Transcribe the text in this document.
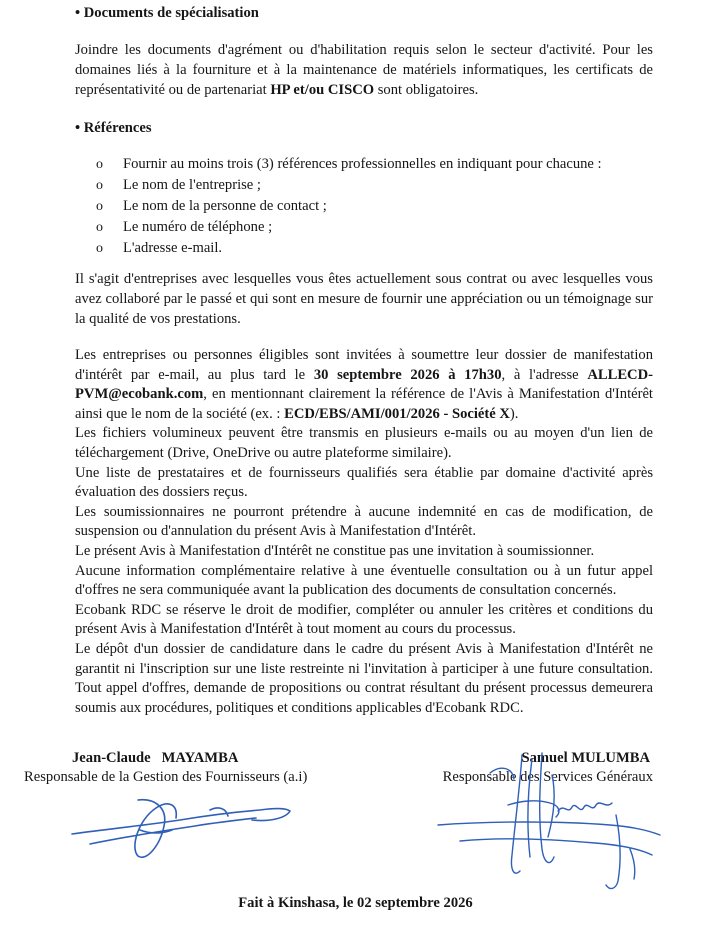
• Documents de spécialisation

Joindre les documents d'agrément ou d'habilitation requis selon le secteur d'activité. Pour les domaines liés à la fourniture et à la maintenance de matériels informatiques, les certificats de représentativité ou de partenariat HP et/ou CISCO sont obligatoires.

• Références
o Fournir au moins trois (3) références professionnelles en indiquant pour chacune :
o Le nom de l'entreprise ;
o Le nom de la personne de contact ;
o Le numéro de téléphone ;
o L'adresse e-mail.

Il s'agit d'entreprises avec lesquelles vous êtes actuellement sous contrat ou avec lesquelles vous avez collaboré par le passé et qui sont en mesure de fournir une appréciation ou un témoignage sur la qualité de vos prestations.

Les entreprises ou personnes éligibles sont invitées à soumettre leur dossier de manifestation d'intérêt par e-mail, au plus tard le 30 septembre 2026 à 17h30, à l'adresse ALLECD-PVM@ecobank.com, en mentionnant clairement la référence de l'Avis à Manifestation d'Intérêt ainsi que le nom de la société (ex. : ECD/EBS/AMI/001/2026 - Société X).
Les fichiers volumineux peuvent être transmis en plusieurs e-mails ou au moyen d'un lien de téléchargement (Drive, OneDrive ou autre plateforme similaire).
Une liste de prestataires et de fournisseurs qualifiés sera établie par domaine d'activité après évaluation des dossiers reçus.
Les soumissionnaires ne pourront prétendre à aucune indemnité en cas de modification, de suspension ou d'annulation du présent Avis à Manifestation d'Intérêt.
Le présent Avis à Manifestation d'Intérêt ne constitue pas une invitation à soumissionner.
Aucune information complémentaire relative à une éventuelle consultation ou à un futur appel d'offres ne sera communiquée avant la publication des documents de consultation concernés.
Ecobank RDC se réserve le droit de modifier, compléter ou annuler les critères et conditions du présent Avis à Manifestation d'Intérêt à tout moment au cours du processus.
Le dépôt d'un dossier de candidature dans le cadre du présent Avis à Manifestation d'Intérêt ne garantit ni l'inscription sur une liste restreinte ni l'invitation à participer à une future consultation. Tout appel d'offres, demande de propositions ou contrat résultant du présent processus demeurera soumis aux procédures, politiques et conditions applicables d'Ecobank RDC.
Jean-Claude   MAYAMBA
Responsable de la Gestion des Fournisseurs (a.i)
Samuel MULUMBA
Responsable des Services Généraux
Fait à Kinshasa, le 02 septembre 2026
